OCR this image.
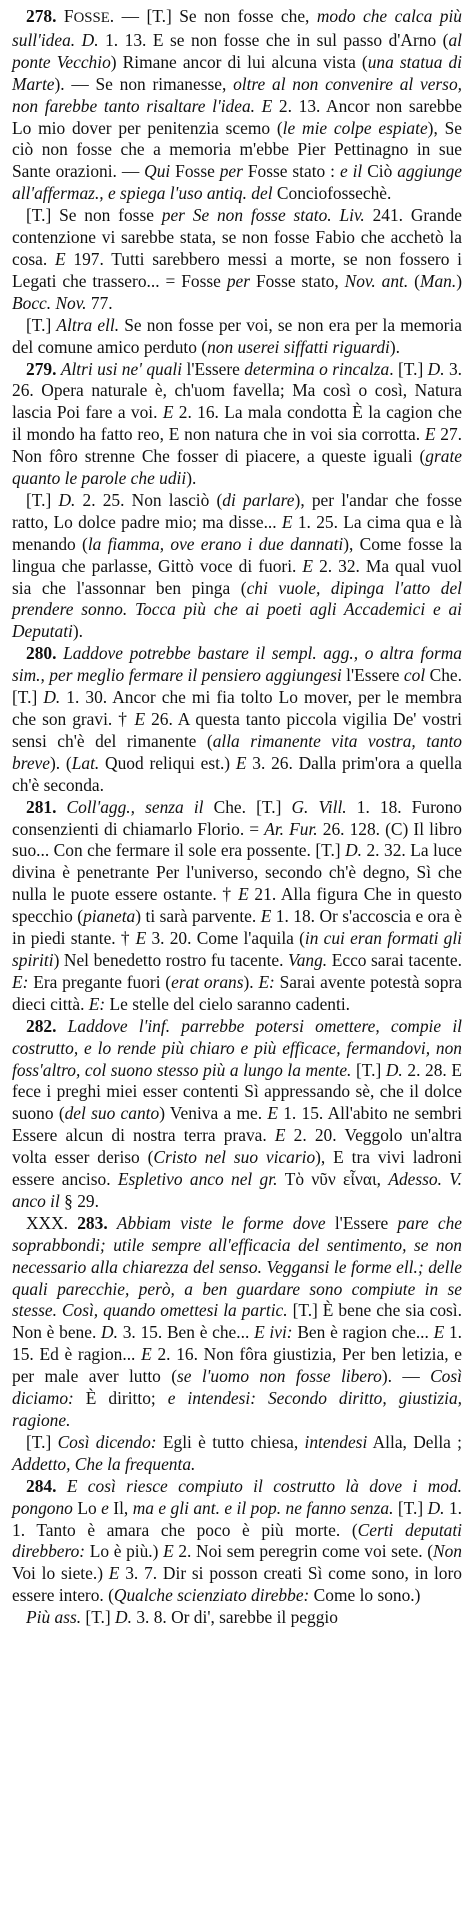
278. FOSSE. — [T.] Se non fosse che, modo che calca più sull'idea. D. 1. 13. E se non fosse che in sul passo d'Arno (al ponte Vecchio) Rimane ancor di lui alcuna vista (una statua di Marte). — Se non rimanesse, oltre al non convenire al verso, non farebbe tanto risaltare l'idea. E 2. 13. Ancor non sarebbe Lo mio dover per penitenzia scemo (le mie colpe espiate), Se ciò non fosse che a memoria m'ebbe Pier Pettinagno in sue Sante orazioni. — Qui Fosse per Fosse stato : e il Ciò aggiunge all'affermaz., e spiega l'uso antiq. del Conciofossechè.

[T.] Se non fosse per Se non fosse stato. Liv. 241. Grande contenzione vi sarebbe stata, se non fosse Fabio che acchetò la cosa. E 197. Tutti sarebbero messi a morte, se non fossero i Legati che trassero... = Fosse per Fosse stato, Nov. ant. (Man.) Bocc. Nov. 77.

[T.] Altra ell. Se non fosse per voi, se non era per la memoria del comune amico perduto (non userei siffatti riguardi).

279. Altri usi ne' quali l'Essere determina o rincalza. [T.] D. 3. 26. Opera naturale è, ch'uom favella; Ma così o così, Natura lascia Poi fare a voi. E 2. 16. La mala condotta È la cagion che il mondo ha fatto reo, E non natura che in voi sia corrotta. E 27. Non fôro strenne Che fosser di piacere, a queste iguali (grate quanto le parole che udii).

[T.] D. 2. 25. Non lasciò (di parlare), per l'andar che fosse ratto, Lo dolce padre mio; ma disse... E 1. 25. La cima qua e là menando (la fiamma, ove erano i due dannati), Come fosse la lingua che parlasse, Gittò voce di fuori. E 2. 32. Ma qual vuol sia che l'assonnar ben pinga (chi vuole, dipinga l'atto del prendere sonno. Tocca più che ai poeti agli Accademici e ai Deputati).

280. Laddove potrebbe bastare il sempl. agg., o altra forma sim., per meglio fermare il pensiero aggiungesi l'Essere col Che. [T.] D. 1. 30. Ancor che mi fia tolto Lo mover, per le membra che son gravi. † E 26. A questa tanto piccola vigilia De' vostri sensi ch'è del rimanente (alla rimanente vita vostra, tanto breve). (Lat. Quod reliqui est.) E 3. 26. Dalla prim'ora a quella ch'è seconda.

281. Coll'agg., senza il Che. [T.] G. Vill. 1. 18. Furono consenzienti di chiamarlo Florio. = Ar. Fur. 26. 128. (C) Il libro suo... Con che fermare il sole era possente. [T.] D. 2. 32. La luce divina è penetrante Per l'universo, secondo ch'è degno, Sì che nulla le puote essere ostante. † E 21. Alla figura Che in questo specchio (pianeta) ti sarà parvente. E 1. 18. Or s'accoscia e ora è in piedi stante. † E 3. 20. Come l'aquila (in cui eran formati gli spiriti) Nel benedetto rostro fu tacente. Vang. Ecco sarai tacente. E: Era pregante fuori (erat orans). E: Sarai avente potestà sopra dieci città. E: Le stelle del cielo saranno cadenti.

282. Laddove l'inf. parrebbe potersi omettere, compie il costrutto, e lo rende più chiaro e più efficace, fermandovi, non foss'altro, col suono stesso più a lungo la mente. [T.] D. 2. 28. E fece i preghi miei esser contenti Sì appressando sè, che il dolce suono (del suo canto) Veniva a me. E 1. 15. All'abito ne sembri Essere alcun di nostra terra prava. E 2. 20. Veggolo un'altra volta esser deriso (Cristo nel suo vicario), E tra vivi ladroni essere anciso. Espletivo anco nel gr. Τὸ νῦν εἶναι, Adesso. V. anco il § 29.

XXX. 283. Abbiam viste le forme dove l'Essere pare che soprabbondi; utile sempre all'efficacia del sentimento, se non necessario alla chiarezza del senso. Veggansi le forme ell.; delle quali parecchie, però, a ben guardare sono compiute in se stesse. Così, quando omettesi la partic. [T.] È bene che sia così. Non è bene. D. 3. 15. Ben è che... E ivi: Ben è ragion che... E 1. 15. Ed è ragion... E 2. 16. Non fôra giustizia, Per ben letizia, e per male aver lutto (se l'uomo non fosse libero). — Così diciamo: È diritto; e intendesi: Secondo diritto, giustizia, ragione.

[T.] Così dicendo: Egli è tutto chiesa, intendesi Alla, Della ; Addetto, Che la frequenta.

284. E così riesce compiuto il costrutto là dove i mod. pongono Lo e Il, ma e gli ant. e il pop. ne fanno senza. [T.] D. 1. 1. Tanto è amara che poco è più morte. (Certi deputati direbbero: Lo è più.) E 2. Noi sem peregrin come voi sete. (Non Voi lo siete.) E 3. 7. Dir si posson creati Sì come sono, in loro essere intero. (Qualche scienziato direbbe: Come lo sono.)

Più ass. [T.] D. 3. 8. Or di', sarebbe il peggio
